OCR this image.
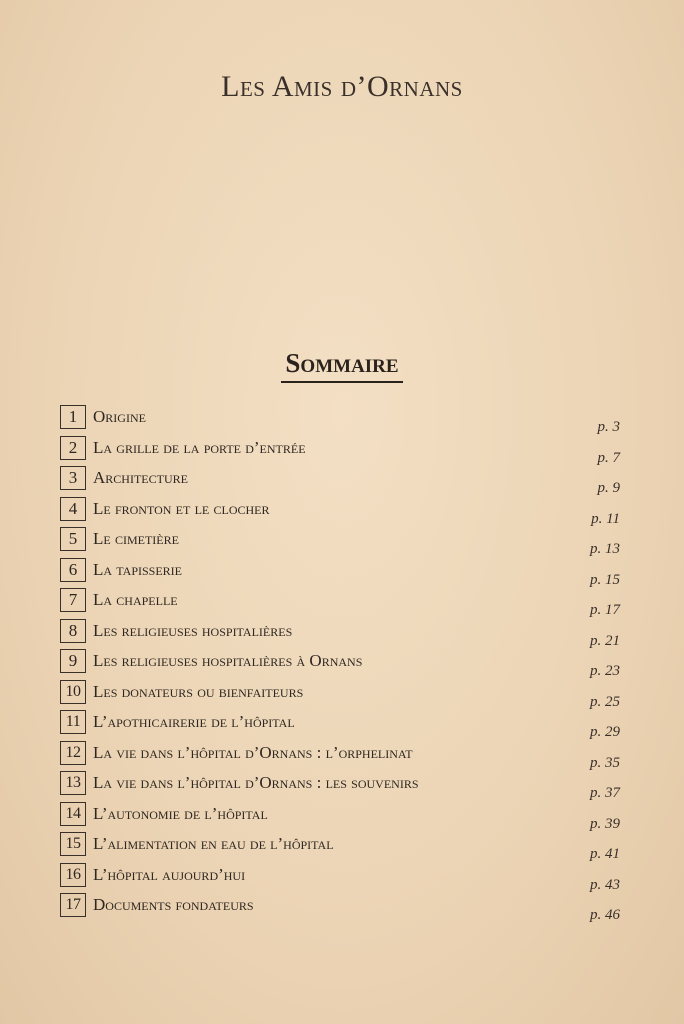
Les Amis d’Ornans
Sommaire
1 Origine
p. 3
2 La grille de la porte d’entrée
p. 7
3 Architecture
p. 9
4 Le fronton et le clocher
p. 11
5 Le cimetière
p. 13
6 La tapisserie
p. 15
7 La chapelle
p. 17
8 Les religieuses hospitalières
p. 21
9 Les religieuses hospitalières à Ornans
p. 23
10 Les donateurs ou bienfaiteurs
p. 25
11 L’apothicairerie de l’hôpital
p. 29
12 La vie dans l’hôpital d’Ornans : l’orphelinat
p. 35
13 La vie dans l’hôpital d’Ornans : les souvenirs
p. 37
14 L’autonomie de l’hôpital
p. 39
15 L’alimentation en eau de l’hôpital
p. 41
16 L’hôpital aujourd’hui
p. 43
17 Documents fondateurs
p. 46
